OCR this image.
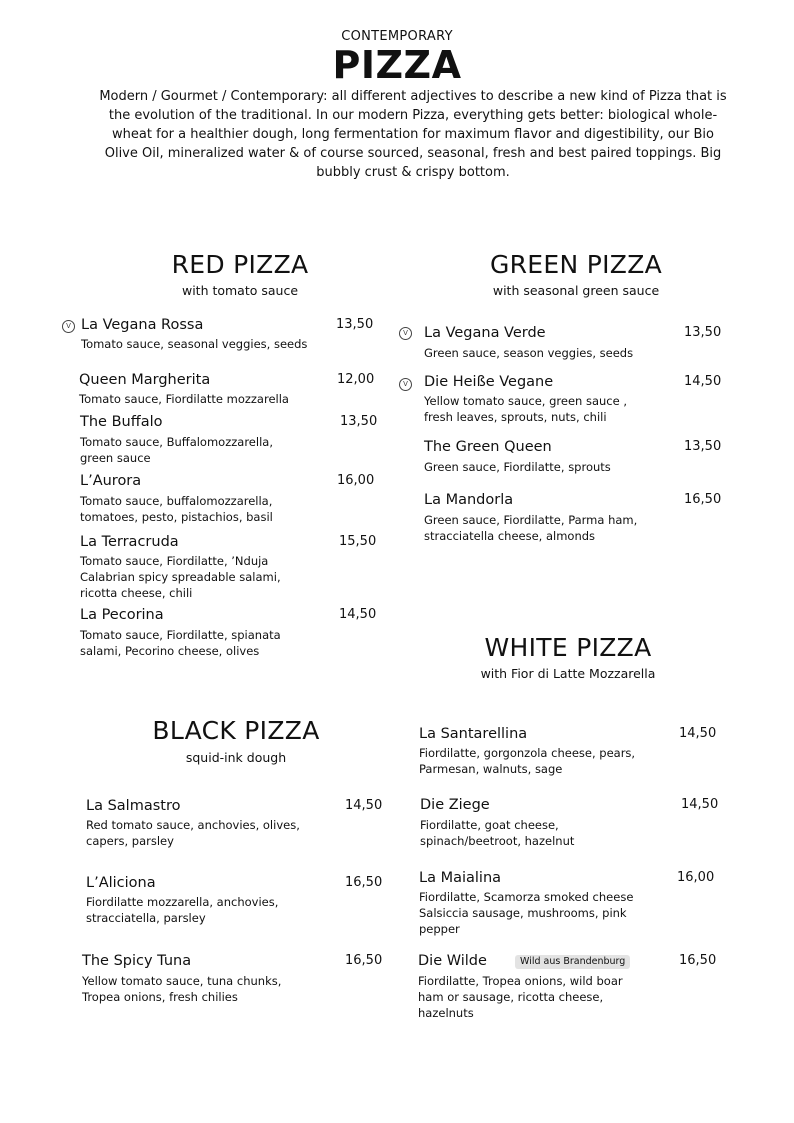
CONTEMPORARY
PIZZA
Modern / Gourmet / Contemporary: all different adjectives to describe a new kind of Pizza that is the evolution of the traditional. In our modern Pizza, everything gets better: biological whole-wheat for a healthier dough, long fermentation for maximum flavor and digestibility, our Bio Olive Oil, mineralized water & of course sourced, seasonal, fresh and best paired toppings. Big bubbly crust & crispy bottom.
RED PIZZA
with tomato sauce
V La Vegana Rossa	13,50
Tomato sauce, seasonal veggies, seeds
Queen Margherita	12,00
Tomato sauce, Fiordilatte mozzarella
The Buffalo	13,50
Tomato sauce, Buffalomozzarella, green sauce
L’Aurora	16,00
Tomato sauce, buffalomozzarella, tomatoes, pesto, pistachios, basil
La Terracruda	15,50
Tomato sauce, Fiordilatte, ’Nduja Calabrian spicy spreadable salami, ricotta cheese, chili
La Pecorina	14,50
Tomato sauce, Fiordilatte, spianata salami, Pecorino cheese, olives
GREEN PIZZA
with seasonal green sauce
V La Vegana Verde	13,50
Green sauce, season veggies, seeds
V Die Heiße Vegane	14,50
Yellow tomato sauce, green sauce , fresh leaves, sprouts, nuts, chili
The Green Queen	13,50
Green sauce, Fiordilatte, sprouts
La Mandorla	16,50
Green sauce, Fiordilatte, Parma ham, stracciatella cheese, almonds
WHITE PIZZA
with Fior di Latte Mozzarella
La Santarellina	14,50
Fiordilatte, gorgonzola cheese, pears, Parmesan, walnuts, sage
Die Ziege	14,50
Fiordilatte, goat cheese, spinach/beetroot, hazelnut
La Maialina	16,00
Fiordilatte, Scamorza smoked cheese Salsiccia sausage, mushrooms, pink pepper
Die Wilde	Wild aus Brandenburg	16,50
Fiordilatte, Tropea onions, wild boar ham or sausage, ricotta cheese, hazelnuts
BLACK PIZZA
squid-ink dough
La Salmastro	14,50
Red tomato sauce, anchovies, olives, capers, parsley
L’Aliciona	16,50
Fiordilatte mozzarella, anchovies, stracciatella, parsley
The Spicy Tuna	16,50
Yellow tomato sauce, tuna chunks, Tropea onions, fresh chilies
